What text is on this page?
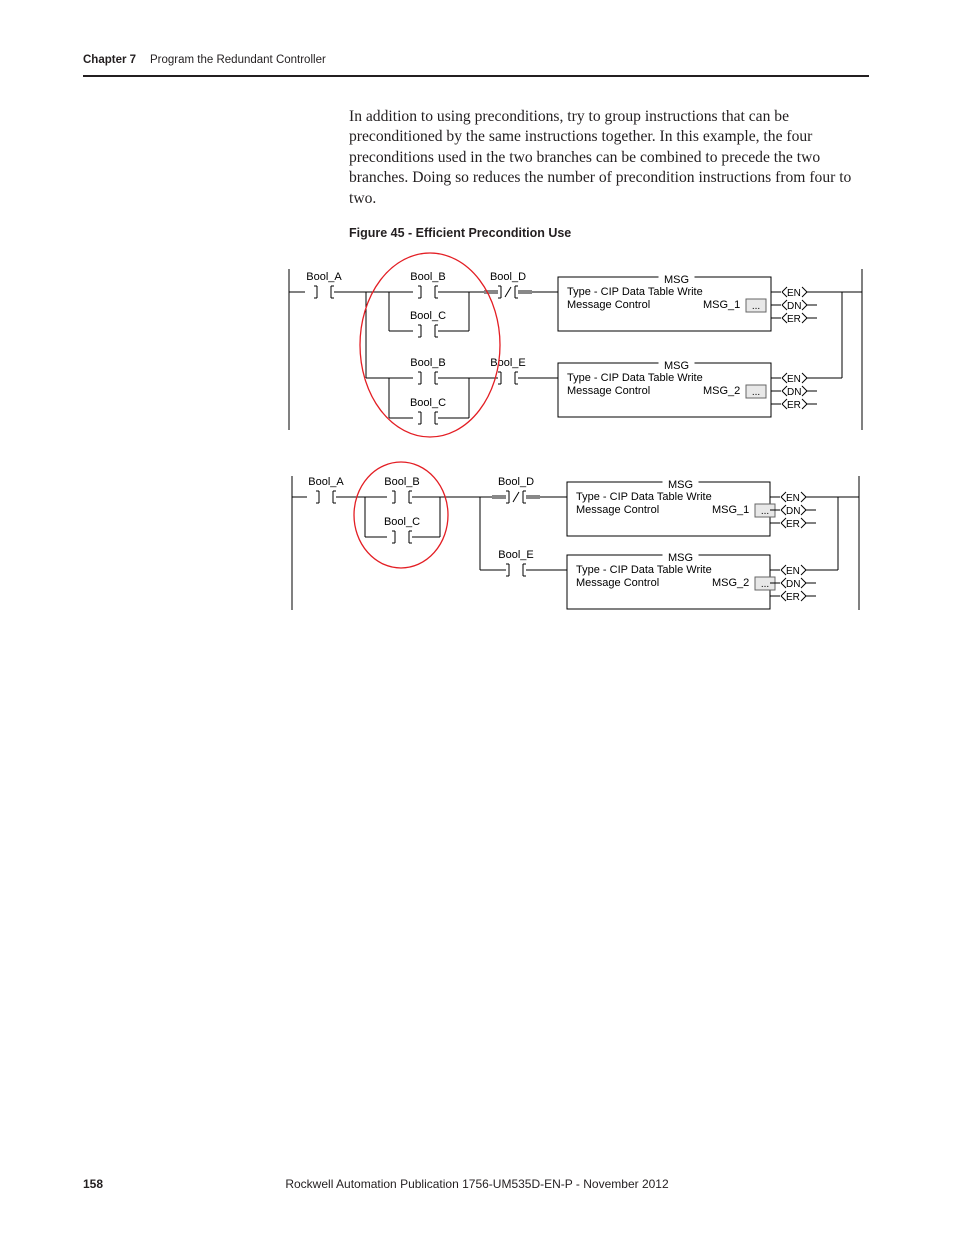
Chapter 7 Program the Redundant Controller

In addition to using preconditions, try to group instructions that can be preconditioned by the same instructions together. In this example, the four preconditions used in the two branches can be combined to precede the two branches. Doing so reduces the number of precondition instructions from four to two.

Figure 45 - Efficient Precondition Use
Bool_A	Bool_B	Bool_D
Bool_C
Bool_B	Bool_E
Bool_C
MSG
Type - CIP Data Table Write
Message Control	MSG_1 ...
MSG
Type - CIP Data Table Write
Message Control	MSG_2 ...
EN
DN
ER
EN
DN
ER
Bool_A	Bool_B	Bool_D
Bool_C
Bool_E
MSG
Type - CIP Data Table Write
Message Control	MSG_1 ...
MSG
Type - CIP Data Table Write
Message Control	MSG_2 ...
EN
DN
ER
EN
DN
ER
158	Rockwell Automation Publication 1756-UM535D-EN-P - November 2012
